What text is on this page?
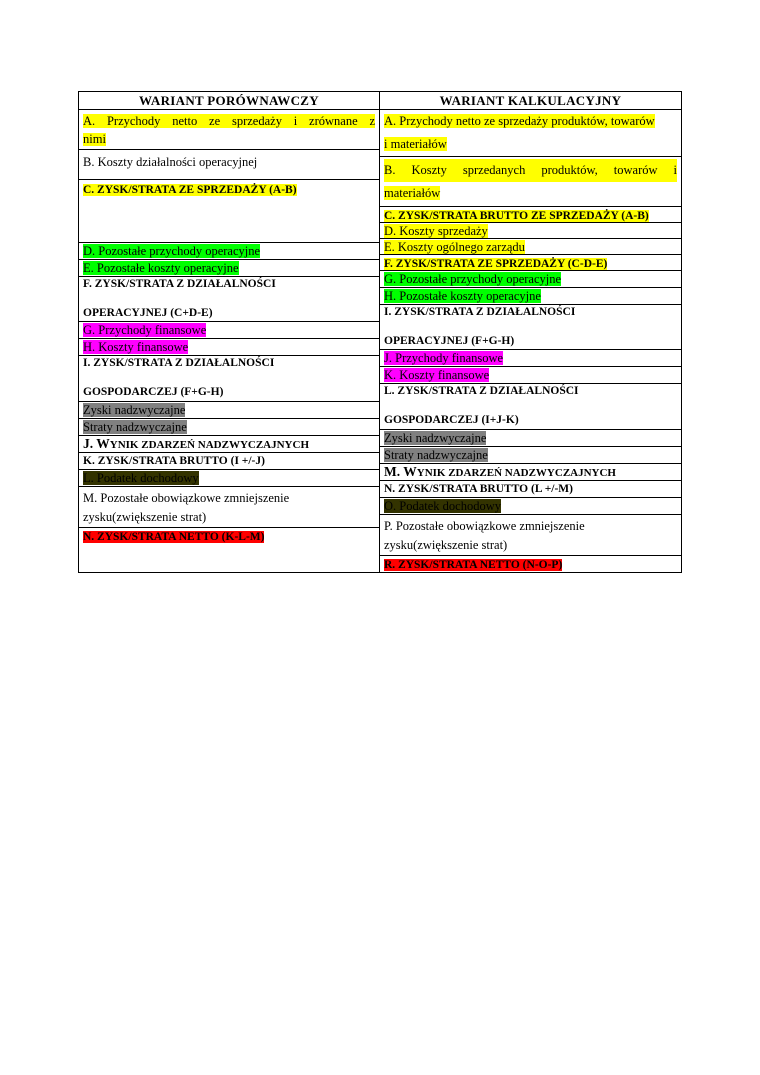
WARIANT PORÓWNAWCZY	WARIANT KALKULACYJNY
A. Przychody netto ze sprzedaży i zrównane z
nimi
B. Koszty działalności operacyjnej
C. ZYSK/STRATA ZE SPRZEDAŻY (A-B)
D. Pozostałe przychody operacyjne
E. Pozostałe koszty operacyjne
F. ZYSK/STRATA Z DZIAŁALNOŚCI
OPERACYJNEJ (C+D-E)
G. Przychody finansowe
H. Koszty finansowe
I. ZYSK/STRATA Z DZIAŁALNOŚCI
GOSPODARCZEJ (F+G-H)
Zyski nadzwyczajne
Straty nadzwyczajne
J. WYNIK ZDARZEŃ NADZWYCZAJNYCH
K. ZYSK/STRATA BRUTTO (I +/-J)
L. Podatek dochodowy
M. Pozostałe obowiązkowe zmniejszenie
zysku(zwiększenie strat)
N. ZYSK/STRATA NETTO (K-L-M)
A. Przychody netto ze sprzedaży produktów, towarów
i materiałów
B. Koszty sprzedanych produktów, towarów i
materiałów
C. ZYSK/STRATA BRUTTO ZE SPRZEDAŻY (A-B)
D. Koszty sprzedaży
E. Koszty ogólnego zarządu
F. ZYSK/STRATA ZE SPRZEDAŻY (C-D-E)
G. Pozostałe przychody operacyjne
H. Pozostałe koszty operacyjne
I. ZYSK/STRATA Z DZIAŁALNOŚCI
OPERACYJNEJ (F+G-H)
J. Przychody finansowe
K. Koszty finansowe
L. ZYSK/STRATA Z DZIAŁALNOŚCI
GOSPODARCZEJ (I+J-K)
Zyski nadzwyczajne
Straty nadzwyczajne
M. WYNIK ZDARZEŃ NADZWYCZAJNYCH
N. ZYSK/STRATA BRUTTO (L +/-M)
O. Podatek dochodowy
P. Pozostałe obowiązkowe zmniejszenie
zysku(zwiększenie strat)
R. ZYSK/STRATA NETTO (N-O-P)
